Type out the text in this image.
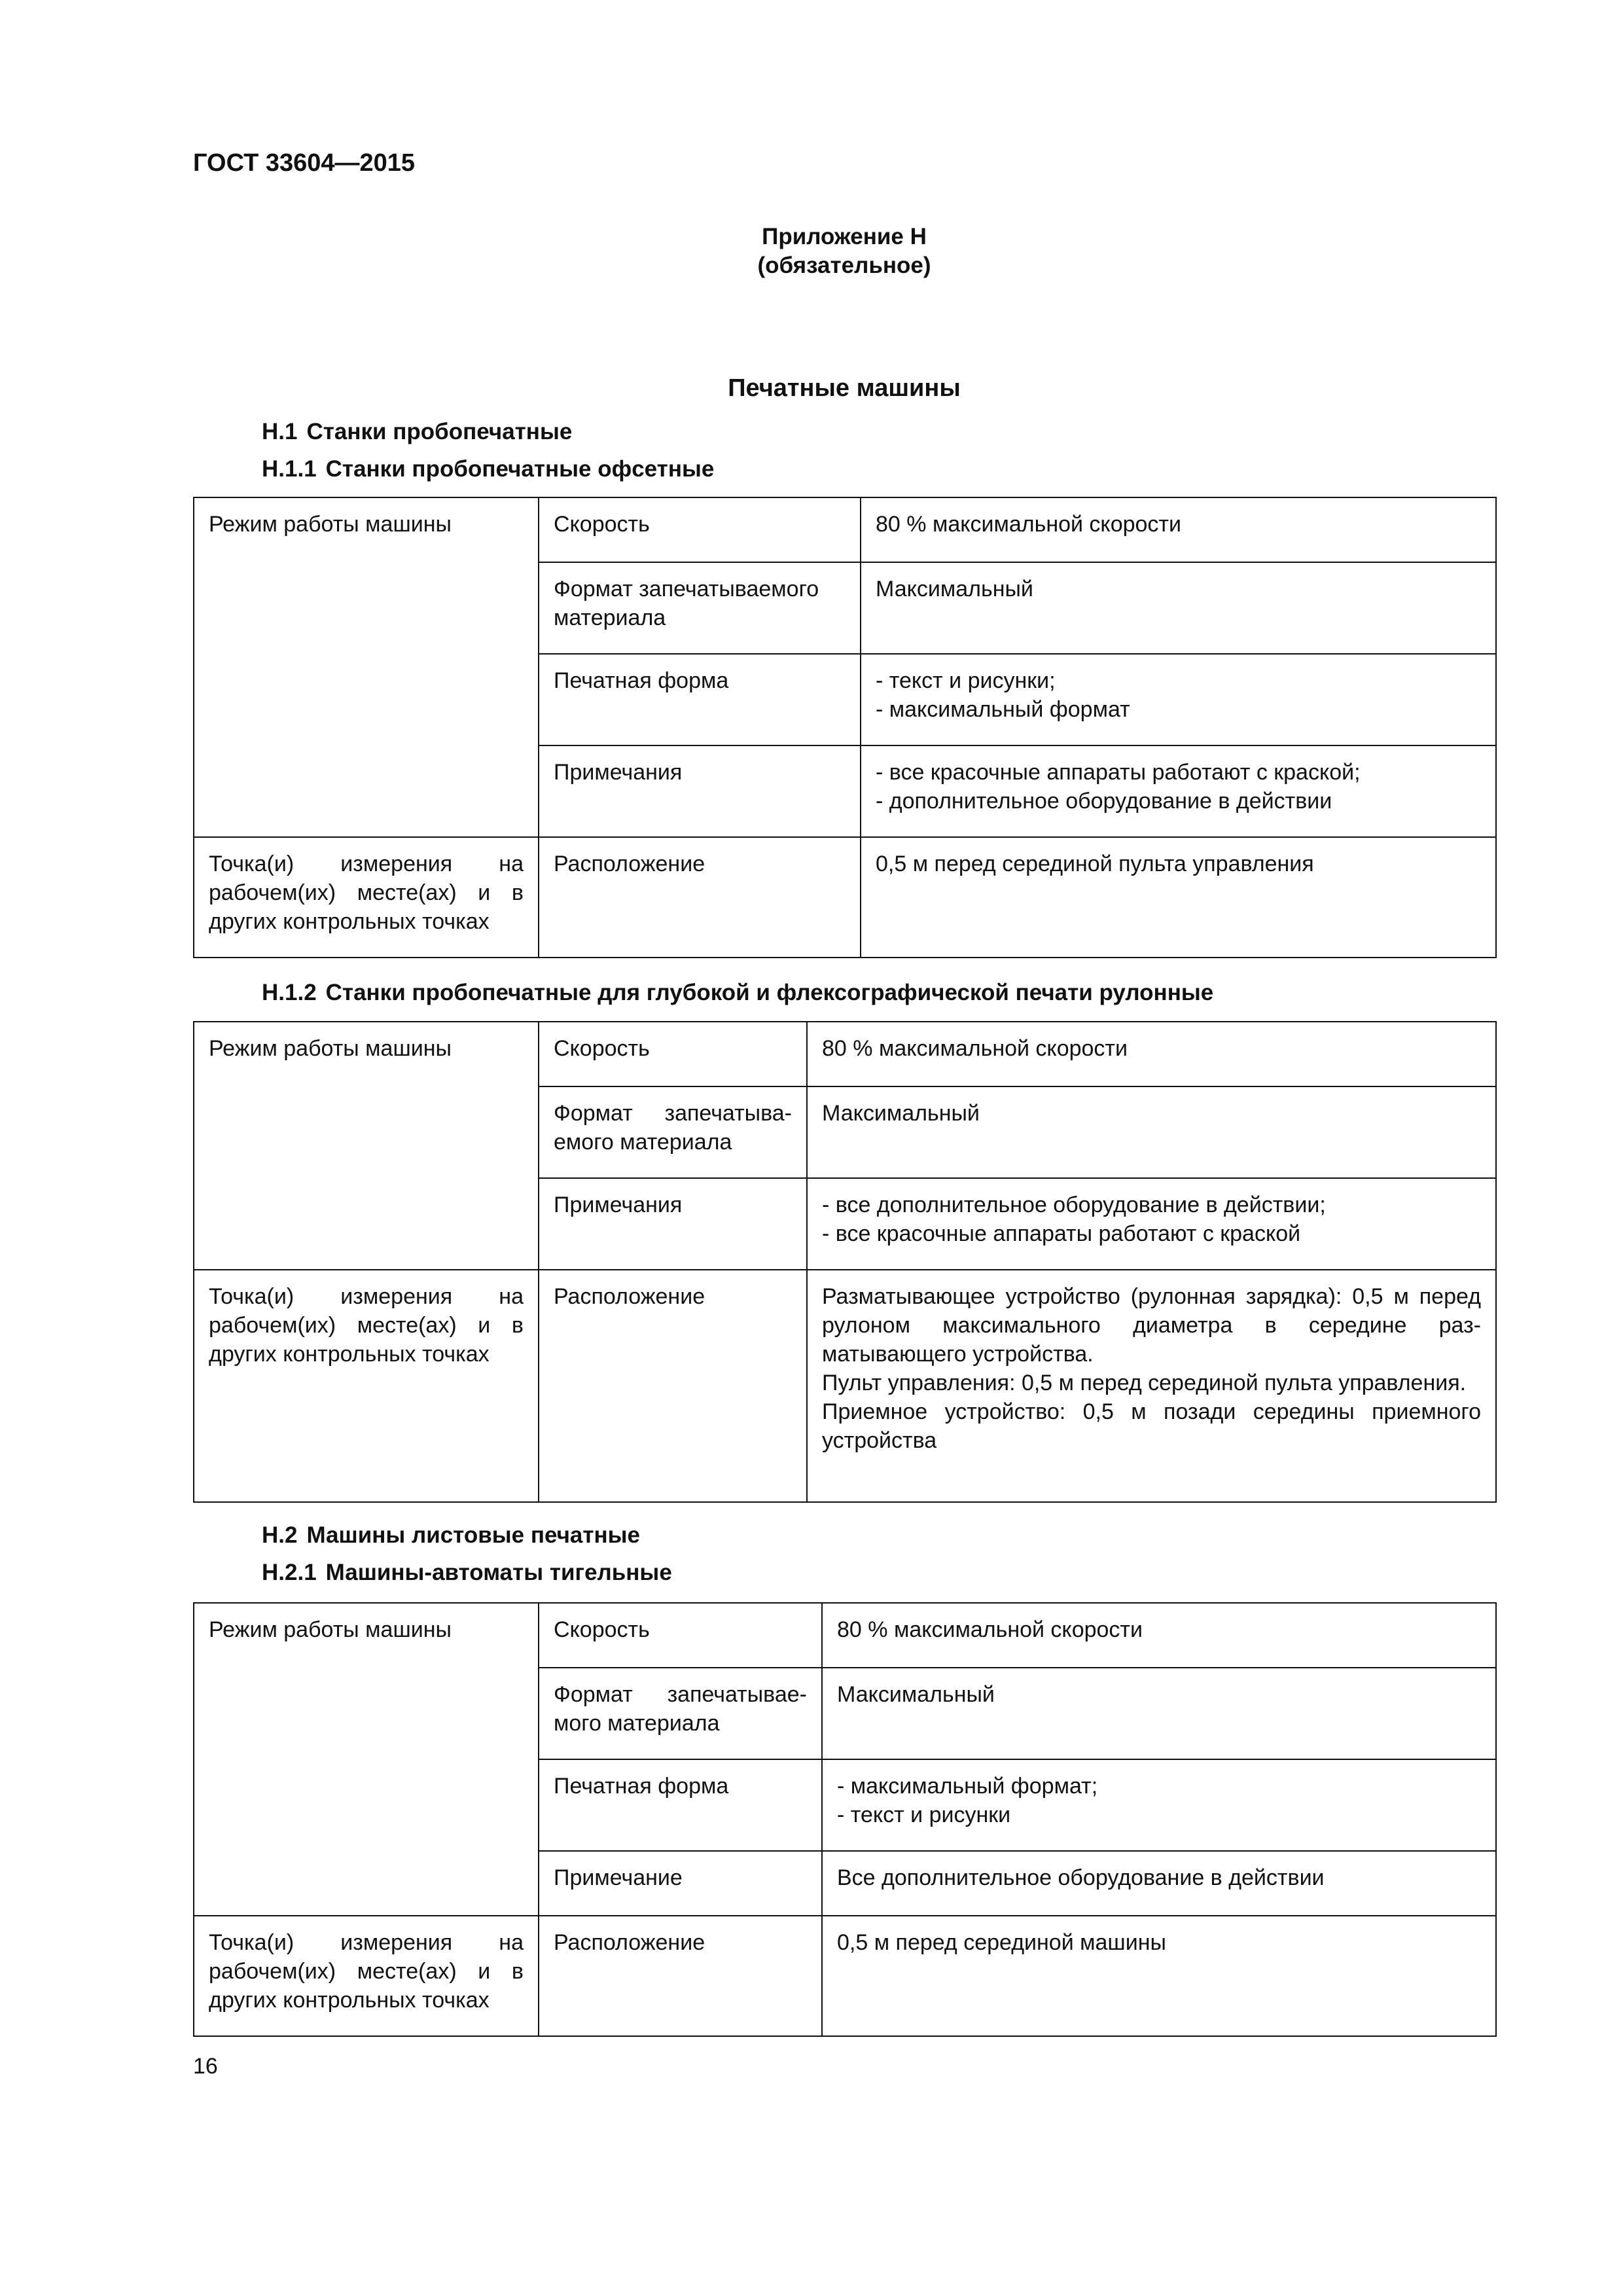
ГОСТ 33604—2015
Приложение Н
(обязательное)
Печатные машины
Н.1 Станки пробопечатные
Н.1.1 Станки пробопечатные офсетные
Режим работы машины	Скорость	80 % максимальной скорости
	Формат запечатываемого материала	Максимальный
	Печатная форма	- текст и рисунки;
- максимальный формат
	Примечания	- все красочные аппараты работают с краской;
- дополнительное оборудование в действии
Точка(и) измерения на рабочем(их) месте(ах) и в других контрольных точках	Расположение	0,5 м перед серединой пульта управления
Н.1.2 Станки пробопечатные для глубокой и флексографической печати рулонные
Режим работы машины	Скорость	80 % максимальной скорости
	Формат запечатываемого материала	Максимальный
	Примечания	- все дополнительное оборудование в действии;
- все красочные аппараты работают с краской
Точка(и) измерения на рабочем(их) месте(ах) и в других контрольных точках	Расположение	Разматывающее устройство (рулонная зарядка): 0,5 м перед рулоном максимального диаметра в середине разматывающего устройства.
Пульт управления: 0,5 м перед серединой пульта управления.
Приемное устройство: 0,5 м позади середины приемного устройства
Н.2 Машины листовые печатные
Н.2.1 Машины-автоматы тигельные
Режим работы машины	Скорость	80 % максимальной скорости
	Формат запечатываемого материала	Максимальный
	Печатная форма	- максимальный формат;
- текст и рисунки
	Примечание	Все дополнительное оборудование в действии
Точка(и) измерения на рабочем(их) месте(ах) и в других контрольных точках	Расположение	0,5 м перед серединой машины
16
